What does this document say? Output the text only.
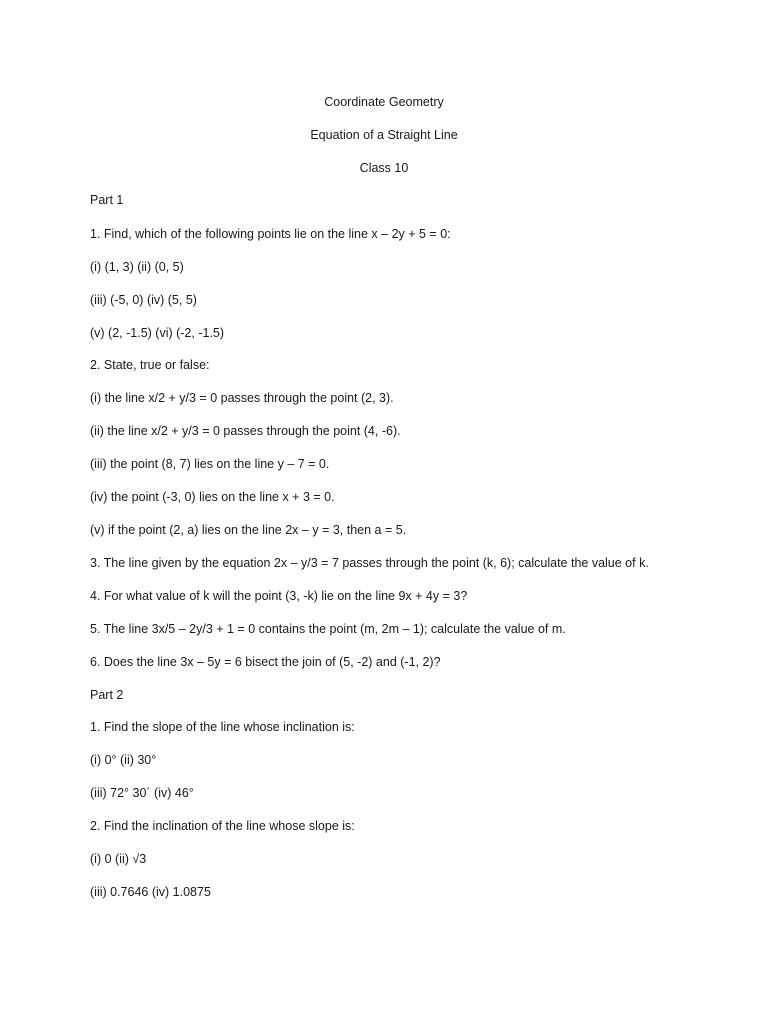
Coordinate Geometry
Equation of a Straight Line
Class 10
Part 1
1. Find, which of the following points lie on the line x – 2y + 5 = 0:
(i) (1, 3) (ii) (0, 5)
(iii) (-5, 0) (iv) (5, 5)
(v) (2, -1.5) (vi) (-2, -1.5)
2. State, true or false:
(i) the line x/2 + y/3 = 0 passes through the point (2, 3).
(ii) the line x/2 + y/3 = 0 passes through the point (4, -6).
(iii) the point (8, 7) lies on the line y – 7 = 0.
(iv) the point (-3, 0) lies on the line x + 3 = 0.
(v) if the point (2, a) lies on the line 2x – y = 3, then a = 5.
3. The line given by the equation 2x – y/3 = 7 passes through the point (k, 6); calculate the value of k.
4. For what value of k will the point (3, -k) lie on the line 9x + 4y = 3?
5. The line 3x/5 – 2y/3 + 1 = 0 contains the point (m, 2m – 1); calculate the value of m.
6. Does the line 3x – 5y = 6 bisect the join of (5, -2) and (-1, 2)?
Part 2
1. Find the slope of the line whose inclination is:
(i) 0° (ii) 30°
(iii) 72° 30´ (iv) 46°
2. Find the inclination of the line whose slope is:
(i) 0 (ii) √3
(iii) 0.7646 (iv) 1.0875
